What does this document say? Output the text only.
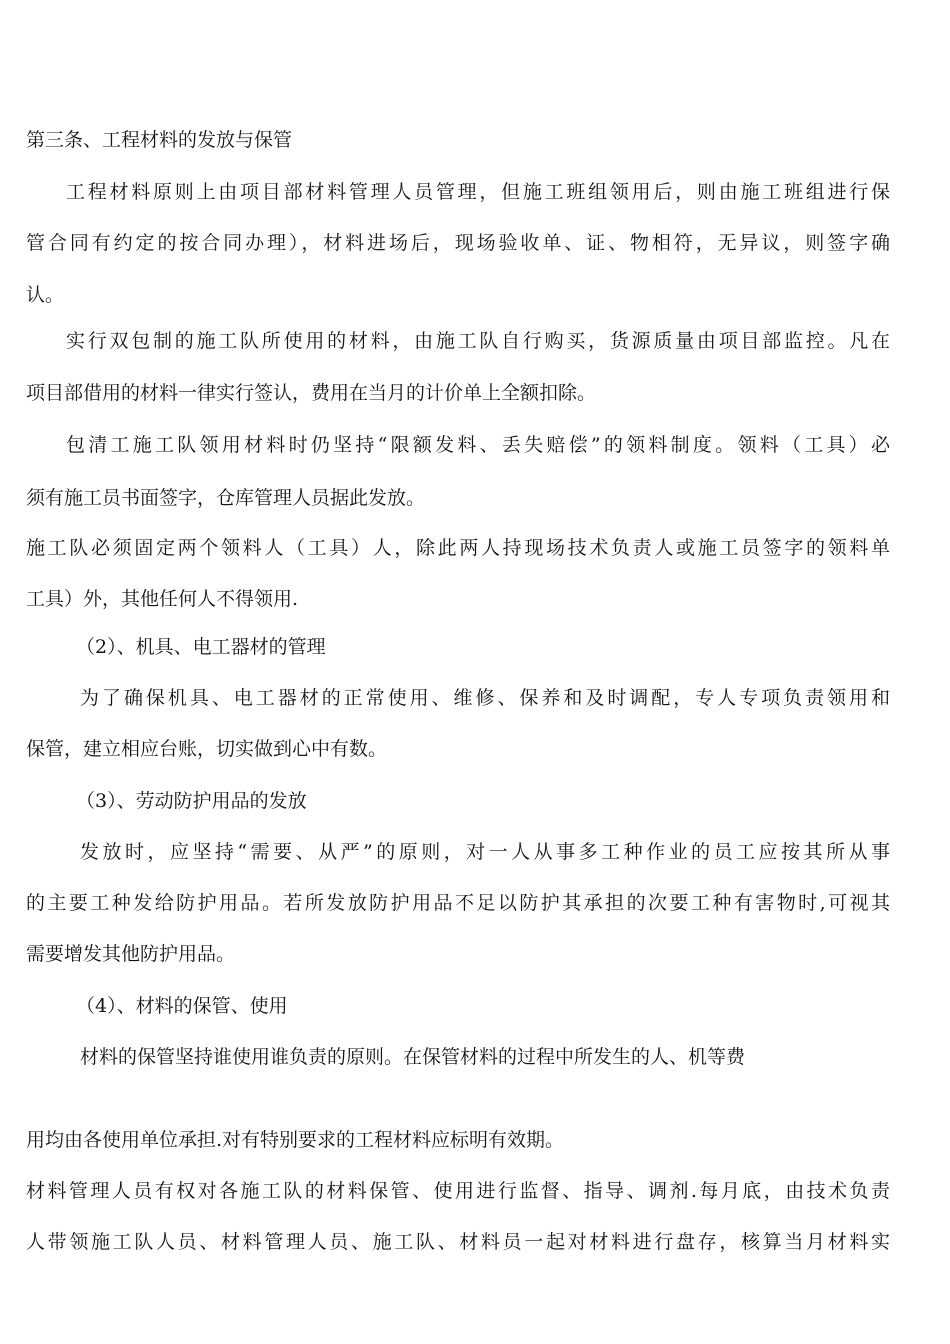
第三条、工程材料的发放与保管

工程材料原则上由项目部材料管理人员管理，但施工班组领用后，则由施工班组进行保

管合同有约定的按合同办理），材料进场后，现场验收单、证、物相符，无异议，则签字确

认。

实行双包制的施工队所使用的材料，由施工队自行购买，货源质量由项目部监控。凡在

项目部借用的材料一律实行签认，费用在当月的计价单上全额扣除。

包清工施工队领用材料时仍坚持“限额发料、丢失赔偿”的领料制度。领料（工具）必

须有施工员书面签字，仓库管理人员据此发放。

施工队必须固定两个领料人（工具）人，除此两人持现场技术负责人或施工员签字的领料单

工具）外，其他任何人不得领用.

（2）、机具、电工器材的管理

为了确保机具、电工器材的正常使用、维修、保养和及时调配，专人专项负责领用和

保管，建立相应台账，切实做到心中有数。

（3）、劳动防护用品的发放

发放时，应坚持“需要、从严”的原则，对一人从事多工种作业的员工应按其所从事

的主要工种发给防护用品。若所发放防护用品不足以防护其承担的次要工种有害物时,可视其

需要增发其他防护用品。

（4）、材料的保管、使用

材料的保管坚持谁使用谁负责的原则。在保管材料的过程中所发生的人、机等费

用均由各使用单位承担.对有特别要求的工程材料应标明有效期。

材料管理人员有权对各施工队的材料保管、使用进行监督、指导、调剂.每月底，由技术负责

人带领施工队人员、材料管理人员、施工队、材料员一起对材料进行盘存，核算当月材料实
